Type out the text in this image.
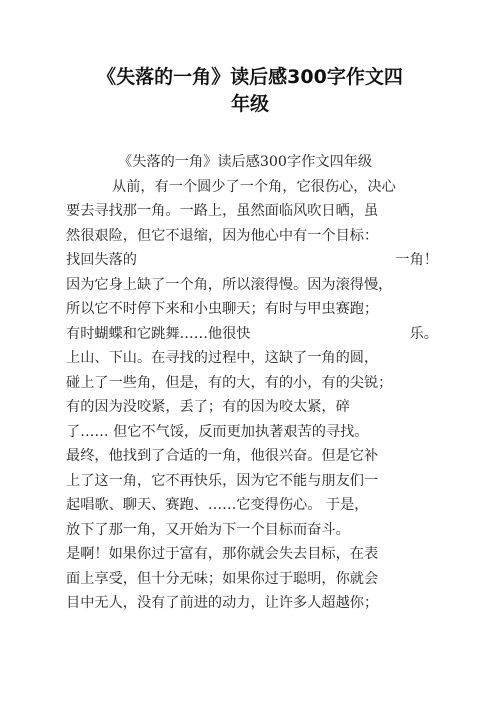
《失落的一角》读后感300字作文四
年级
《失落的一角》读后感300字作文四年级
从前，有一个圆少了一个角，它很伤心，决心
要去寻找那一角。一路上，虽然面临风吹日晒，虽
然很艰险，但它不退缩，因为他心中有一个目标：
找回失落的	一角！
因为它身上缺了一个角，所以滚得慢。因为滚得慢，
所以它不时停下来和小虫聊天；有时与甲虫赛跑；
有时蝴蝶和它跳舞……他很快	乐。
上山、下山。在寻找的过程中，这缺了一角的圆，
碰上了一些角，但是，有的大，有的小，有的尖锐；
有的因为没咬紧，丢了；有的因为咬太紧，碎
了…… 但它不气馁，反而更加执著艰苦的寻找。
最终，他找到了合适的一角，他很兴奋。但是它补
上了这一角，它不再快乐，因为它不能与朋友们一
起唱歌、聊天、赛跑、……它变得伤心。 于是，
放下了那一角，又开始为下一个目标而奋斗。
是啊！如果你过于富有，那你就会失去目标，在表
面上享受，但十分无味；如果你过于聪明，你就会
目中无人，没有了前进的动力，让许多人超越你；
